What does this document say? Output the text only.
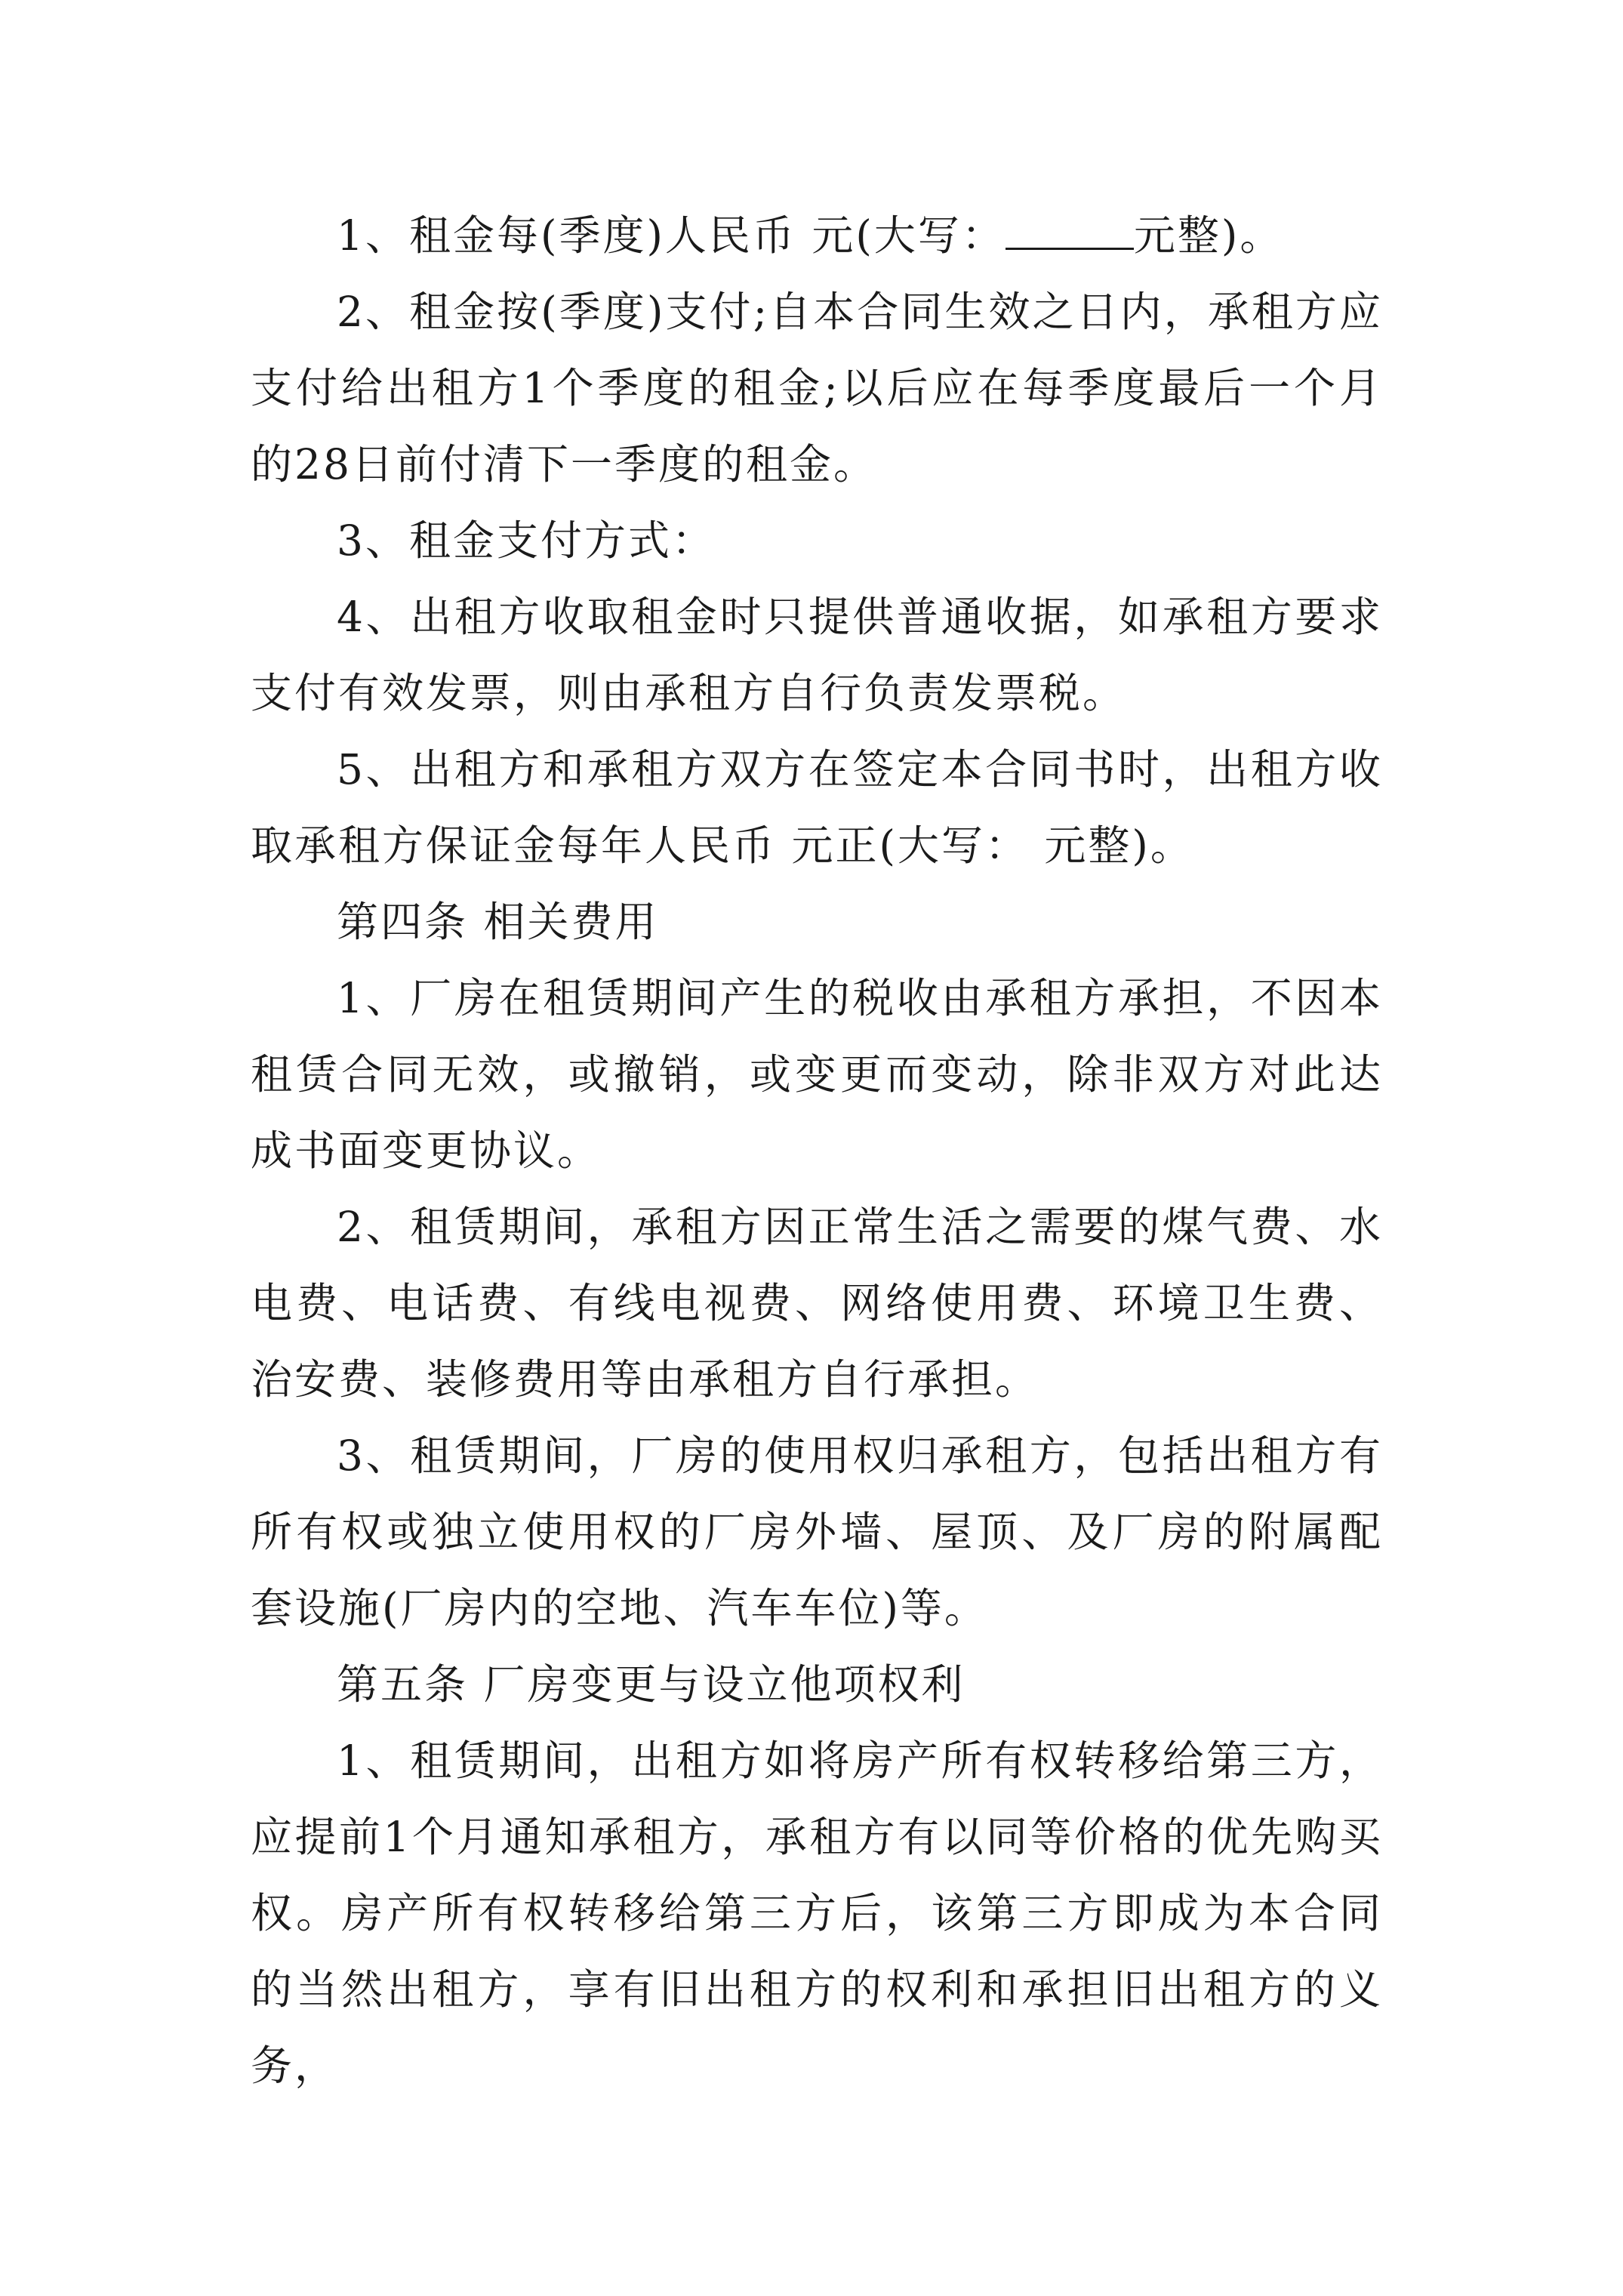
1、租金每(季度)人民币 元(大写：	元整)。

2、租金按(季度)支付;自本合同生效之日内，承租方应支付给出租方1个季度的租金;以后应在每季度最后一个月的28日前付清下一季度的租金。

3、租金支付方式：

4、出租方收取租金时只提供普通收据，如承租方要求支付有效发票，则由承租方自行负责发票税。

5、出租方和承租方双方在签定本合同书时，出租方收取承租方保证金每年人民币 元正(大写： 元整)。

第四条 相关费用

1、厂房在租赁期间产生的税收由承租方承担，不因本租赁合同无效，或撤销，或变更而变动，除非双方对此达成书面变更协议。

2、租赁期间，承租方因正常生活之需要的煤气费、水电费、电话费、有线电视费、网络使用费、环境卫生费、治安费、装修费用等由承租方自行承担。

3、租赁期间，厂房的使用权归承租方，包括出租方有所有权或独立使用权的厂房外墙、屋顶、及厂房的附属配套设施(厂房内的空地、汽车车位)等。

第五条 厂房变更与设立他项权利

1、租赁期间，出租方如将房产所有权转移给第三方，应提前1个月通知承租方，承租方有以同等价格的优先购买权。房产所有权转移给第三方后，该第三方即成为本合同的当然出租方，享有旧出租方的权利和承担旧出租方的义务，
